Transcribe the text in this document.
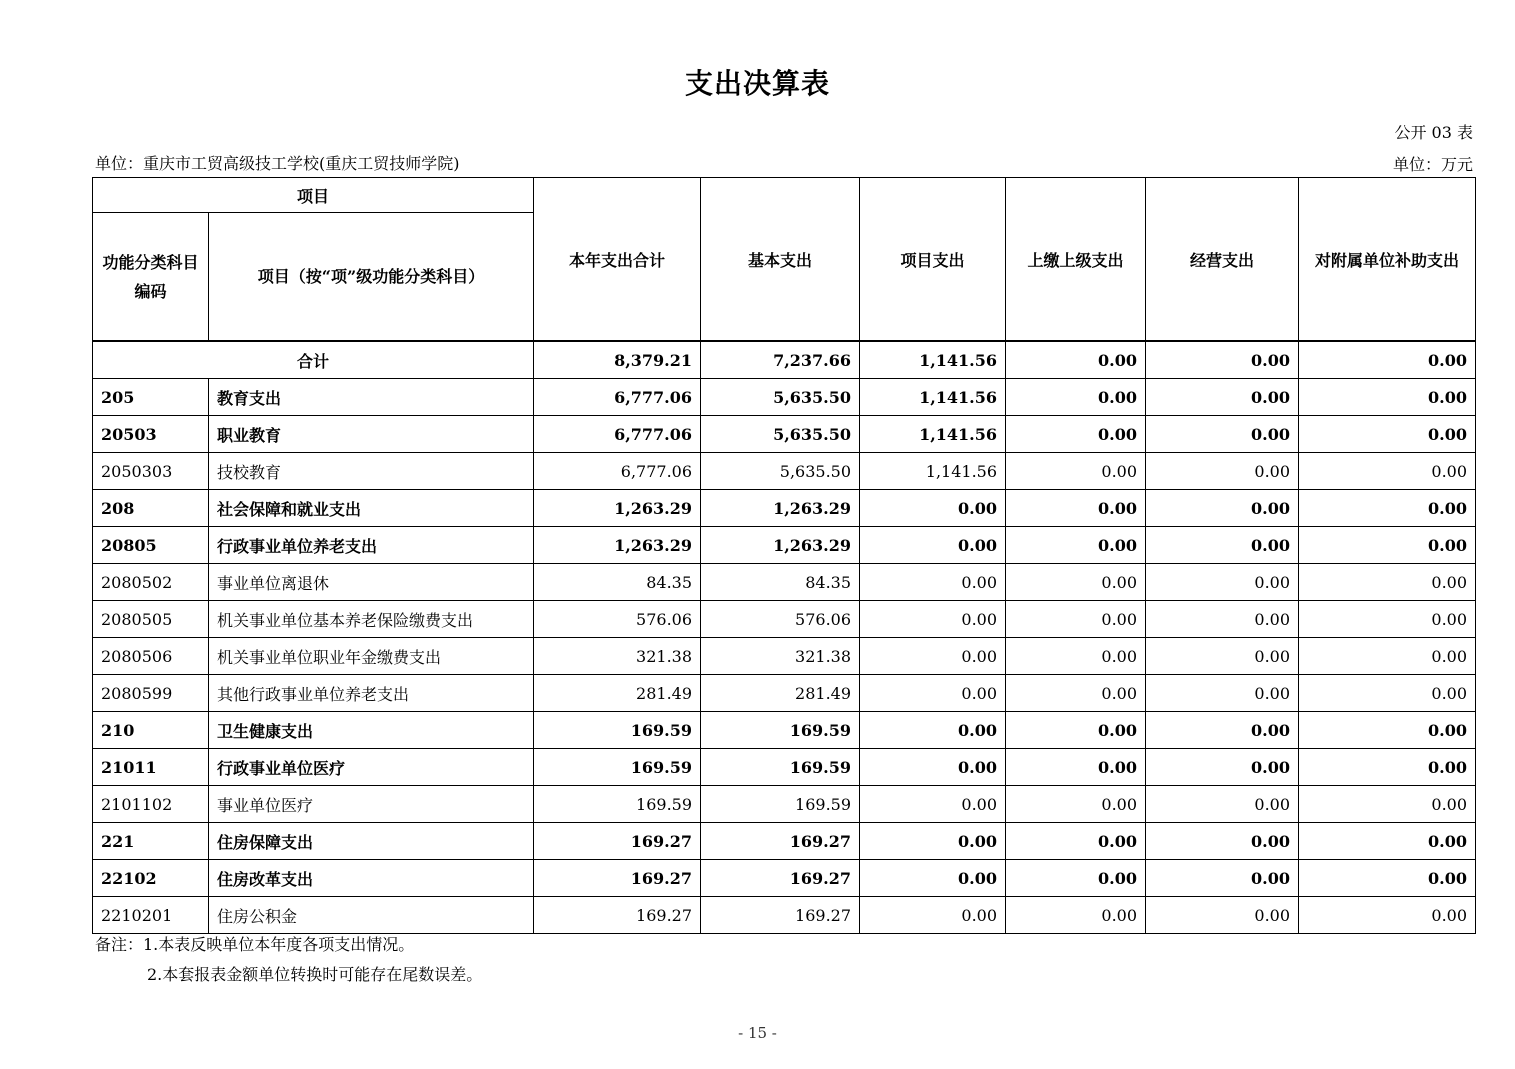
支出决算表
公开 03 表
单位：重庆市工贸高级技工学校(重庆工贸技师学院)	单位：万元
项目		本年支出合计	基本支出	项目支出	上缴上级支出	经营支出	对附属单位补助支出
功能分类科目编码	项目（按“项”级功能分类科目）						
合计		8,379.21	7,237.66	1,141.56	0.00	0.00	0.00
205	教育支出	6,777.06	5,635.50	1,141.56	0.00	0.00	0.00
20503	职业教育	6,777.06	5,635.50	1,141.56	0.00	0.00	0.00
2050303	技校教育	6,777.06	5,635.50	1,141.56	0.00	0.00	0.00
208	社会保障和就业支出	1,263.29	1,263.29	0.00	0.00	0.00	0.00
20805	行政事业单位养老支出	1,263.29	1,263.29	0.00	0.00	0.00	0.00
2080502	事业单位离退休	84.35	84.35	0.00	0.00	0.00	0.00
2080505	机关事业单位基本养老保险缴费支出	576.06	576.06	0.00	0.00	0.00	0.00
2080506	机关事业单位职业年金缴费支出	321.38	321.38	0.00	0.00	0.00	0.00
2080599	其他行政事业单位养老支出	281.49	281.49	0.00	0.00	0.00	0.00
210	卫生健康支出	169.59	169.59	0.00	0.00	0.00	0.00
21011	行政事业单位医疗	169.59	169.59	0.00	0.00	0.00	0.00
2101102	事业单位医疗	169.59	169.59	0.00	0.00	0.00	0.00
221	住房保障支出	169.27	169.27	0.00	0.00	0.00	0.00
22102	住房改革支出	169.27	169.27	0.00	0.00	0.00	0.00
2210201	住房公积金	169.27	169.27	0.00	0.00	0.00	0.00
备注：1.本表反映单位本年度各项支出情况。
2.本套报表金额单位转换时可能存在尾数误差。
- 15 -
